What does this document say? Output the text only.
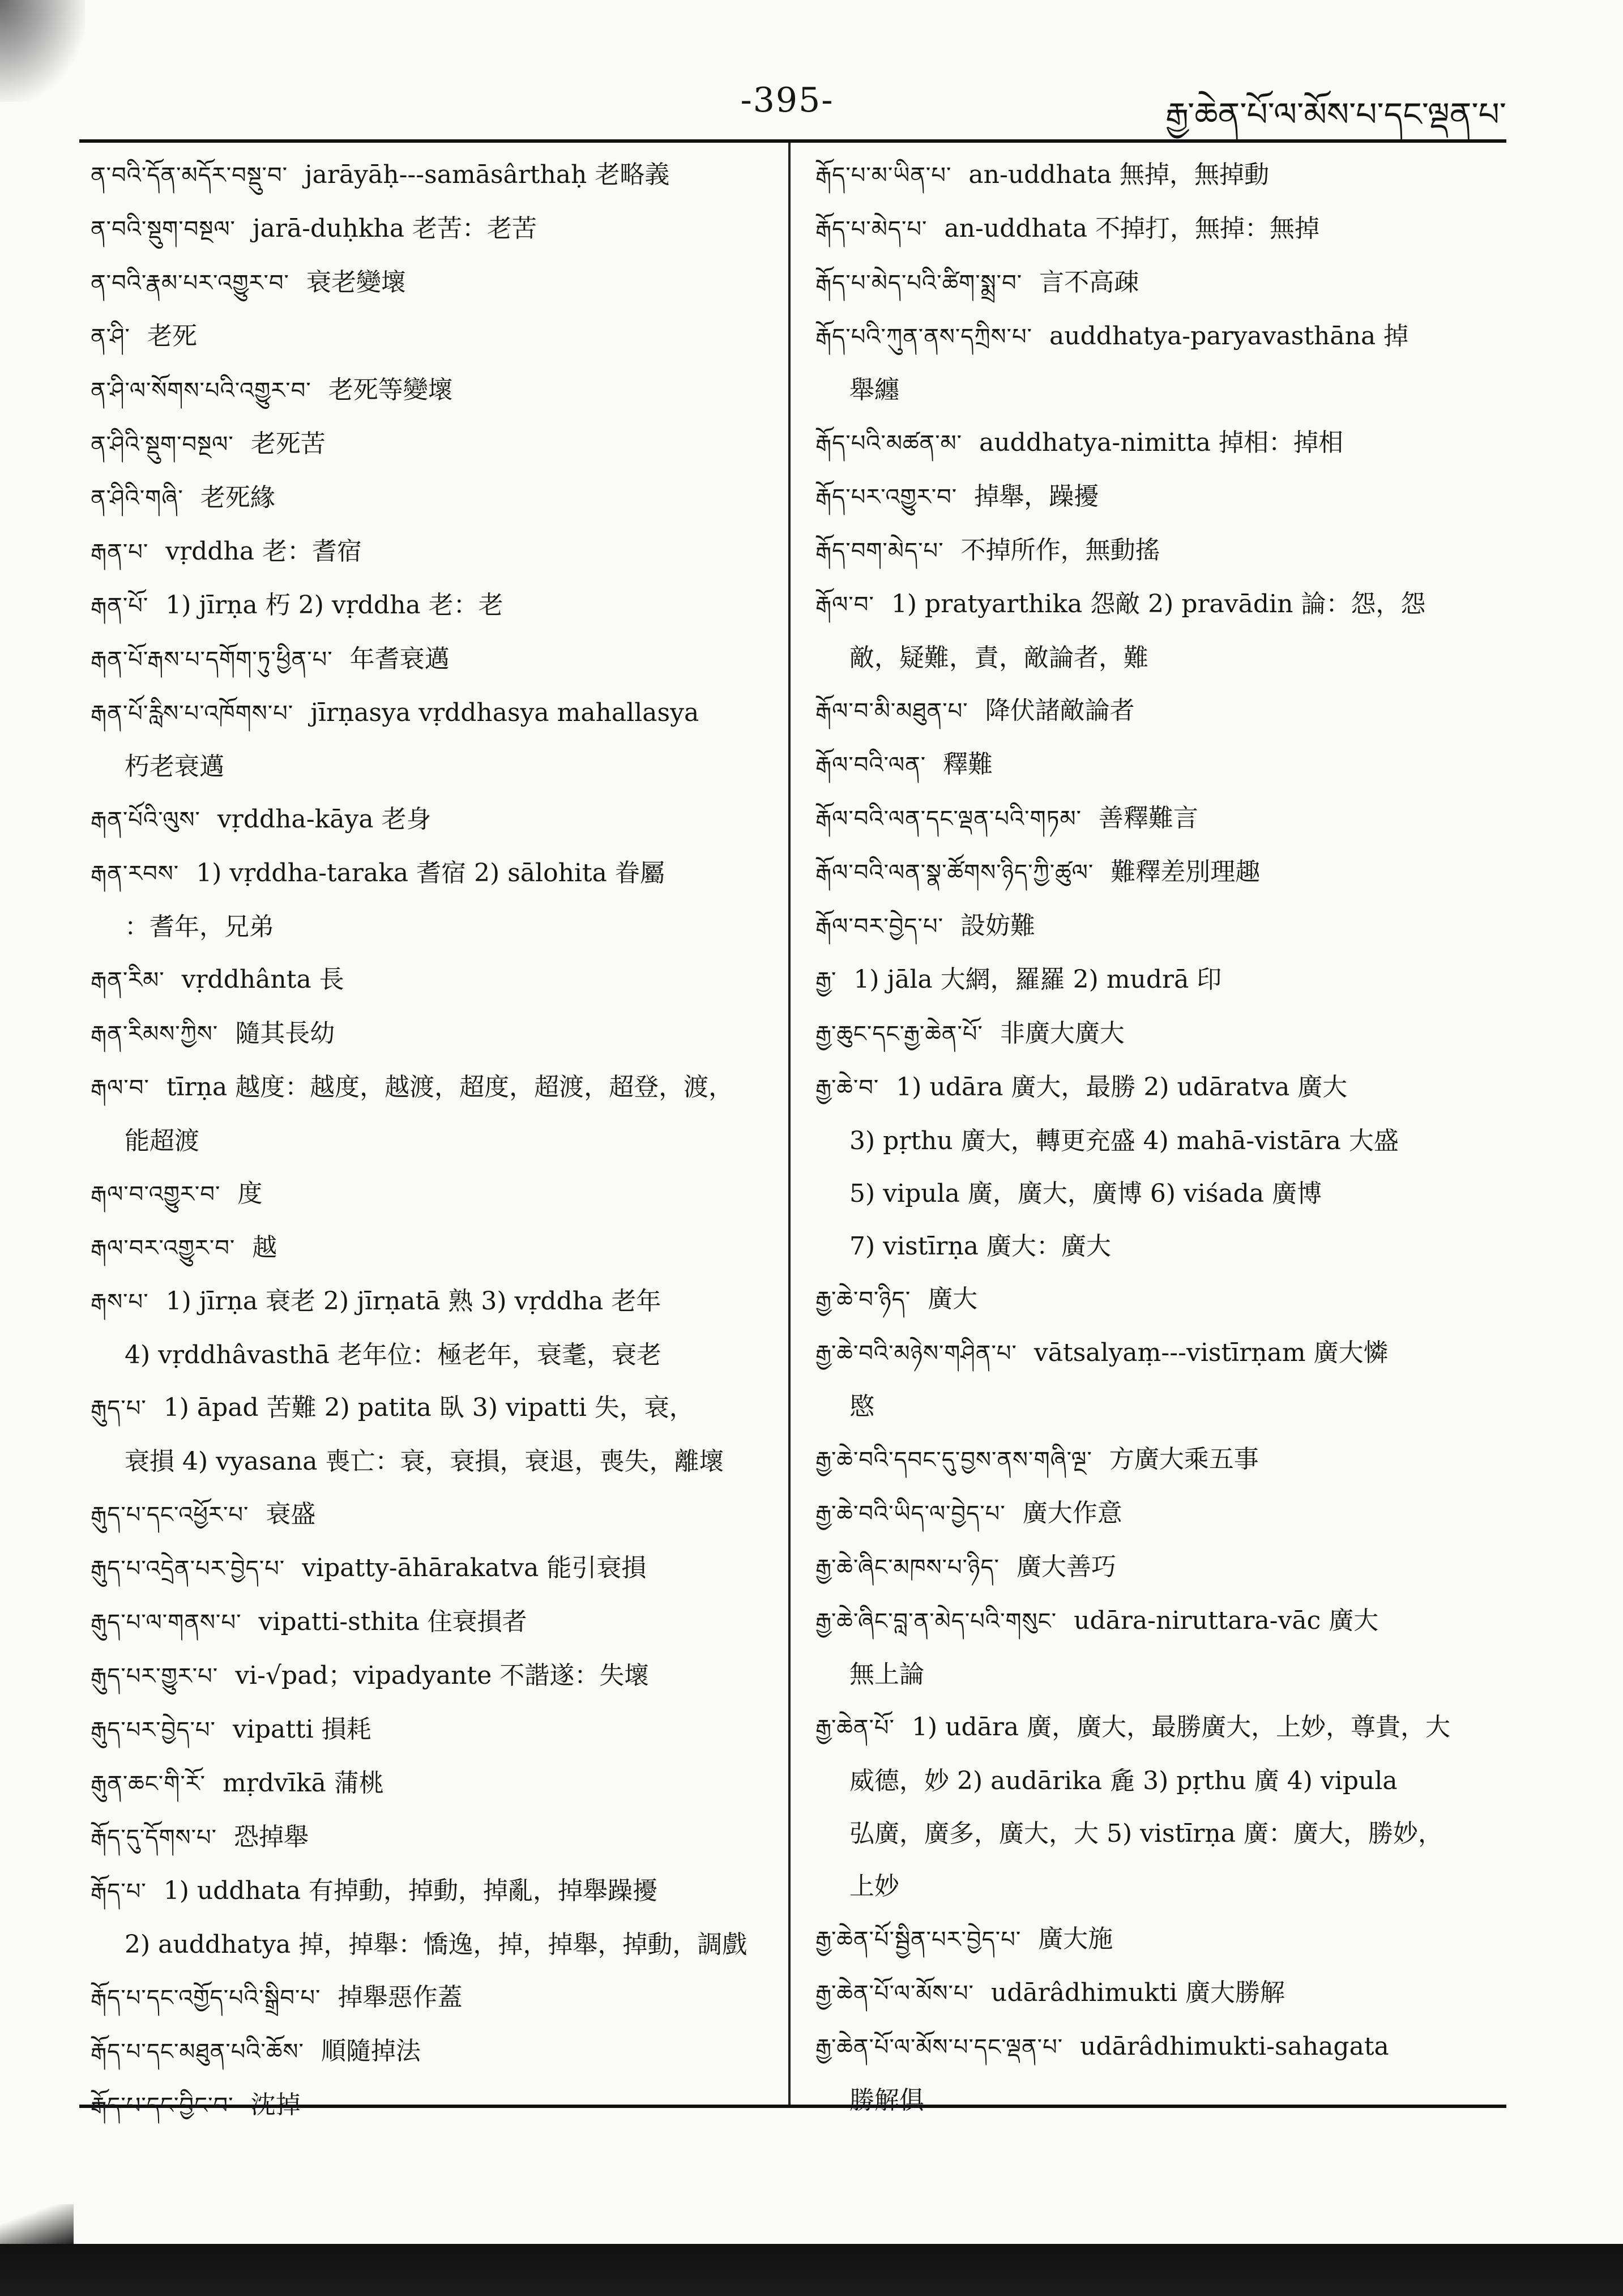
-395-	རྒྱ་ཆེན་པོ་ལ་མོས་པ་དང་ལྡན་པ་
ན་བའི་དོན་མདོར་བསྡུ་བ་ jarāyāḥ---samāsârthaḥ 老略義
ན་བའི་སྡུག་བསྔལ་ jarā-duḥkha 老苦：老苦
ན་བའི་རྣམ་པར་འགྱུར་བ་ 衰老變壞
ན་ཤི་ 老死
ན་ཤི་ལ་སོགས་པའི་འགྱུར་བ་ 老死等變壞
ན་ཤིའི་སྡུག་བསྔལ་ 老死苦
ན་ཤིའི་གཞི་ 老死緣
རྒན་པ་ vṛddha 老：耆宿
རྒན་པོ་ 1) jīrṇa 朽 2) vṛddha 老：老
རྒན་པོ་རྒས་པ་དགོག་ཏུ་ཕྱིན་པ་ 年耆衰邁
རྒན་པོ་རླིས་པ་འཁོགས་པ་ jīrṇasya vṛddhasya mahallasya
朽老衰邁
རྒན་པོའི་ལུས་ vṛddha-kāya 老身
རྒན་རབས་ 1) vṛddha-taraka 耆宿 2) sālohita 眷屬
：耆年，兄弟
རྒན་རིམ་ vṛddhânta 長
རྒན་རིམས་ཀྱིས་ 隨其長幼
རྒལ་བ་ tīrṇa 越度：越度，越渡，超度，超渡，超登，渡，
能超渡
རྒལ་བ་འགྱུར་བ་ 度
རྒལ་བར་འགྱུར་བ་ 越
རྒས་པ་ 1) jīrṇa 衰老 2) jīrṇatā 熟 3) vṛddha 老年
4) vṛddhâvasthā 老年位：極老年，衰耄，衰老
རྒུད་པ་ 1) āpad 苦難 2) patita 臥 3) vipatti 失，衰，
衰損 4) vyasana 喪亡：衰，衰損，衰退，喪失，離壞
རྒུད་པ་དང་འཕྱོར་པ་ 衰盛
རྒུད་པ་འདྲེན་པར་བྱེད་པ་ vipatty-āhārakatva 能引衰損
རྒུད་པ་ལ་གནས་པ་ vipatti-sthita 住衰損者
རྒུད་པར་གྱུར་པ་ vi-√pad；vipadyante 不諧遂：失壞
རྒུད་པར་བྱེད་པ་ vipatti 損耗
རྒུན་ཆང་གི་རོ་ mṛdvīkā 蒲桃
རྒོད་དུ་དོགས་པ་ 恐掉舉
རྒོད་པ་ 1) uddhata 有掉動，掉動，掉亂，掉舉躁擾
2) auddhatya 掉，掉舉：憍逸，掉，掉舉，掉動，調戲
རྒོད་པ་དང་འགྱོད་པའི་སྒྲིབ་པ་ 掉舉惡作蓋
རྒོད་པ་དང་མཐུན་པའི་ཆོས་ 順隨掉法
རྒོད་པ་དང་བྱིང་བ་ 沈掉
རྒོད་པ་མ་ཡིན་པ་ an-uddhata 無掉，無掉動
རྒོད་པ་མེད་པ་ an-uddhata 不掉打，無掉：無掉
རྒོད་པ་མེད་པའི་ཚིག་སྨྲ་བ་ 言不高疎
རྒོད་པའི་ཀུན་ནས་དཀྲིས་པ་ auddhatya-paryavasthāna 掉
舉纏
རྒོད་པའི་མཚན་མ་ auddhatya-nimitta 掉相：掉相
རྒོད་པར་འགྱུར་བ་ 掉舉，躁擾
རྒོད་བག་མེད་པ་ 不掉所作，無動搖
རྒོལ་བ་ 1) pratyarthika 怨敵 2) pravādin 論：怨，怨
敵，疑難，責，敵論者，難
རྒོལ་བ་མི་མཐུན་པ་ 降伏諸敵論者
རྒོལ་བའི་ལན་ 釋難
རྒོལ་བའི་ལན་དང་ལྡན་པའི་གཏམ་ 善釋難言
རྒོལ་བའི་ལན་སྣ་ཚོགས་ཉིད་ཀྱི་ཚུལ་ 難釋差別理趣
རྒོལ་བར་བྱེད་པ་ 設妨難
རྒྱ་ 1) jāla 大網，羅羅 2) mudrā 印
རྒྱ་ཆུང་དང་རྒྱ་ཆེན་པོ་ 非廣大廣大
རྒྱ་ཆེ་བ་ 1) udāra 廣大，最勝 2) udāratva 廣大
3) pṛthu 廣大，轉更充盛 4) mahā-vistāra 大盛
5) vipula 廣，廣大，廣博 6) viśada 廣博
7) vistīrṇa 廣大：廣大
རྒྱ་ཆེ་བ་ཉིད་ 廣大
རྒྱ་ཆེ་བའི་མཉེས་གཤིན་པ་ vātsalyaṃ---vistīrṇam 廣大憐
愍
རྒྱ་ཆེ་བའི་དབང་དུ་བྱས་ནས་གཞི་ལྔ་ 方廣大乘五事
རྒྱ་ཆེ་བའི་ཡིད་ལ་བྱེད་པ་ 廣大作意
རྒྱ་ཆེ་ཞིང་མཁས་པ་ཉིད་ 廣大善巧
རྒྱ་ཆེ་ཞིང་བླ་ན་མེད་པའི་གསུང་ udāra-niruttara-vāc 廣大
無上論
རྒྱ་ཆེན་པོ་ 1) udāra 廣，廣大，最勝廣大，上妙，尊貴，大
威德，妙 2) audārika 麁 3) pṛthu 廣 4) vipula
弘廣，廣多，廣大，大 5) vistīrṇa 廣：廣大，勝妙，
上妙
རྒྱ་ཆེན་པོ་སྦྱིན་པར་བྱེད་པ་ 廣大施
རྒྱ་ཆེན་པོ་ལ་མོས་པ་ udārâdhimukti 廣大勝解
རྒྱ་ཆེན་པོ་ལ་མོས་པ་དང་ལྡན་པ་ udārâdhimukti-sahagata
勝解俱
